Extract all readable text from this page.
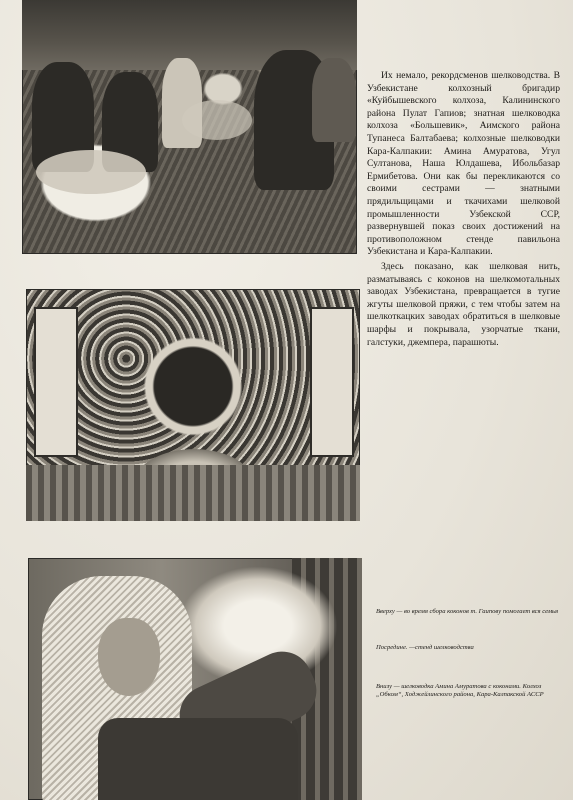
Их немало, рекордсменов шелководства. В Узбекистане колхозный бригадир «Куйбышевского колхоза, Калининского района Пулат Гапиов; знатная шелководка колхоза «Большевик», Аимского района Тупанеса Балтабаева; колхозные шелководки Кара-Калпакии: Амина Амуратова, Угул Султанова, Наша Юлдашева, Ибольбазар Ермибетова. Они как бы перекликаются со своими сестрами — знатными прядильщицами и ткачихами шелковой промышленности Узбекской ССР, развернувшей показ своих достижений на противоположном стенде павильона Узбекистана и Кара-Калпакии.

Здесь показано, как шелковая нить, разматываясь с коконов на шелкомотальных заводах Узбекистана, превращается в тугие жгуты шелковой пряжи, с тем чтобы затем на шелкоткацких заводах обратиться в шелковые шарфы и покрывала, узорчатые ткани, галстуки, джемпера, парашюты.

Вверху — во время сбора коконов т. Гаипову помогает вся семья

Посредине. —стенд шелководства

Внизу — шелководка Амина Амуратова с коконами. Колхоз „Обком“, Ходжейлинского района, Кара-Калпакской АССР
